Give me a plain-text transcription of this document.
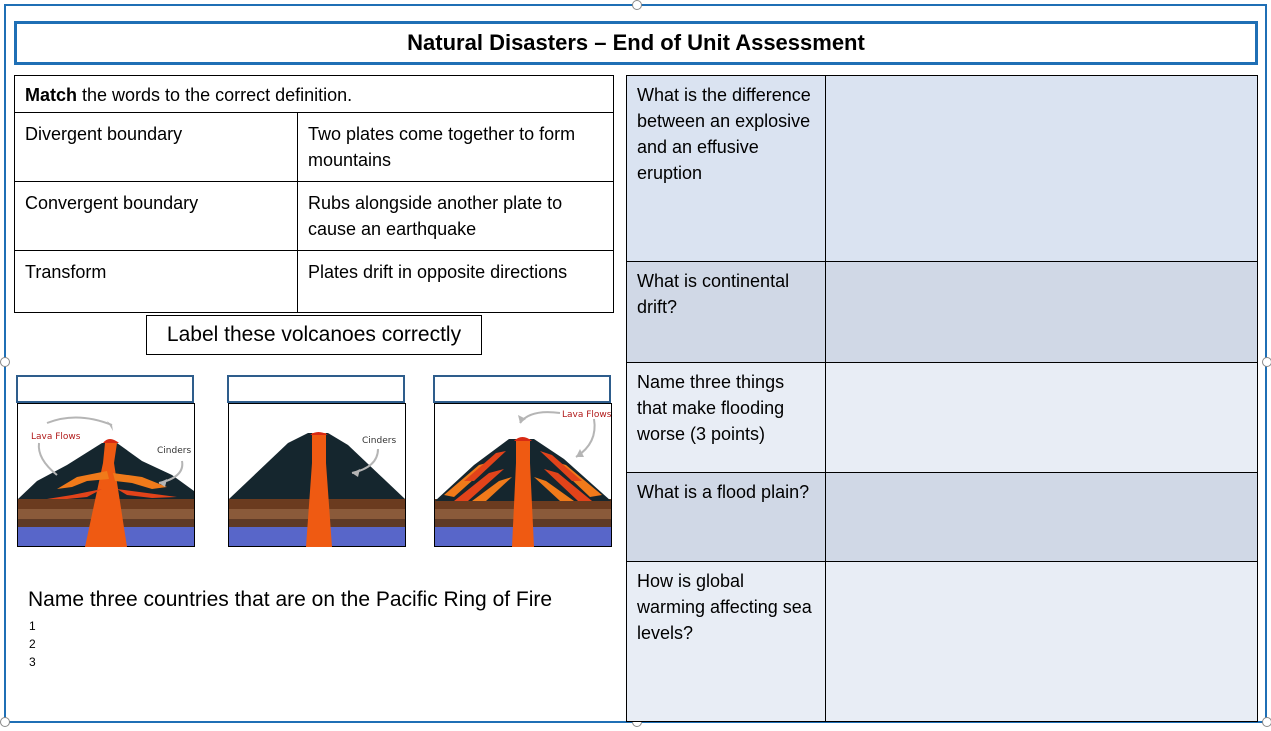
Natural Disasters – End of Unit Assessment
Match the words to the correct definition.	
Divergent boundary	Two plates come together to form mountains
Convergent boundary	Rubs alongside another plate to cause an earthquake
Transform	Plates drift in opposite directions
Label these volcanoes correctly
Lava Flows
Cinders
Cinders
Lava Flows
Name three countries that are on the Pacific Ring of Fire
1
2
3
What is the difference between an explosive and an effusive eruption	
What is continental drift?	
Name three things that make flooding worse (3 points)	
What is a flood plain?	
How is global warming affecting sea levels?	
